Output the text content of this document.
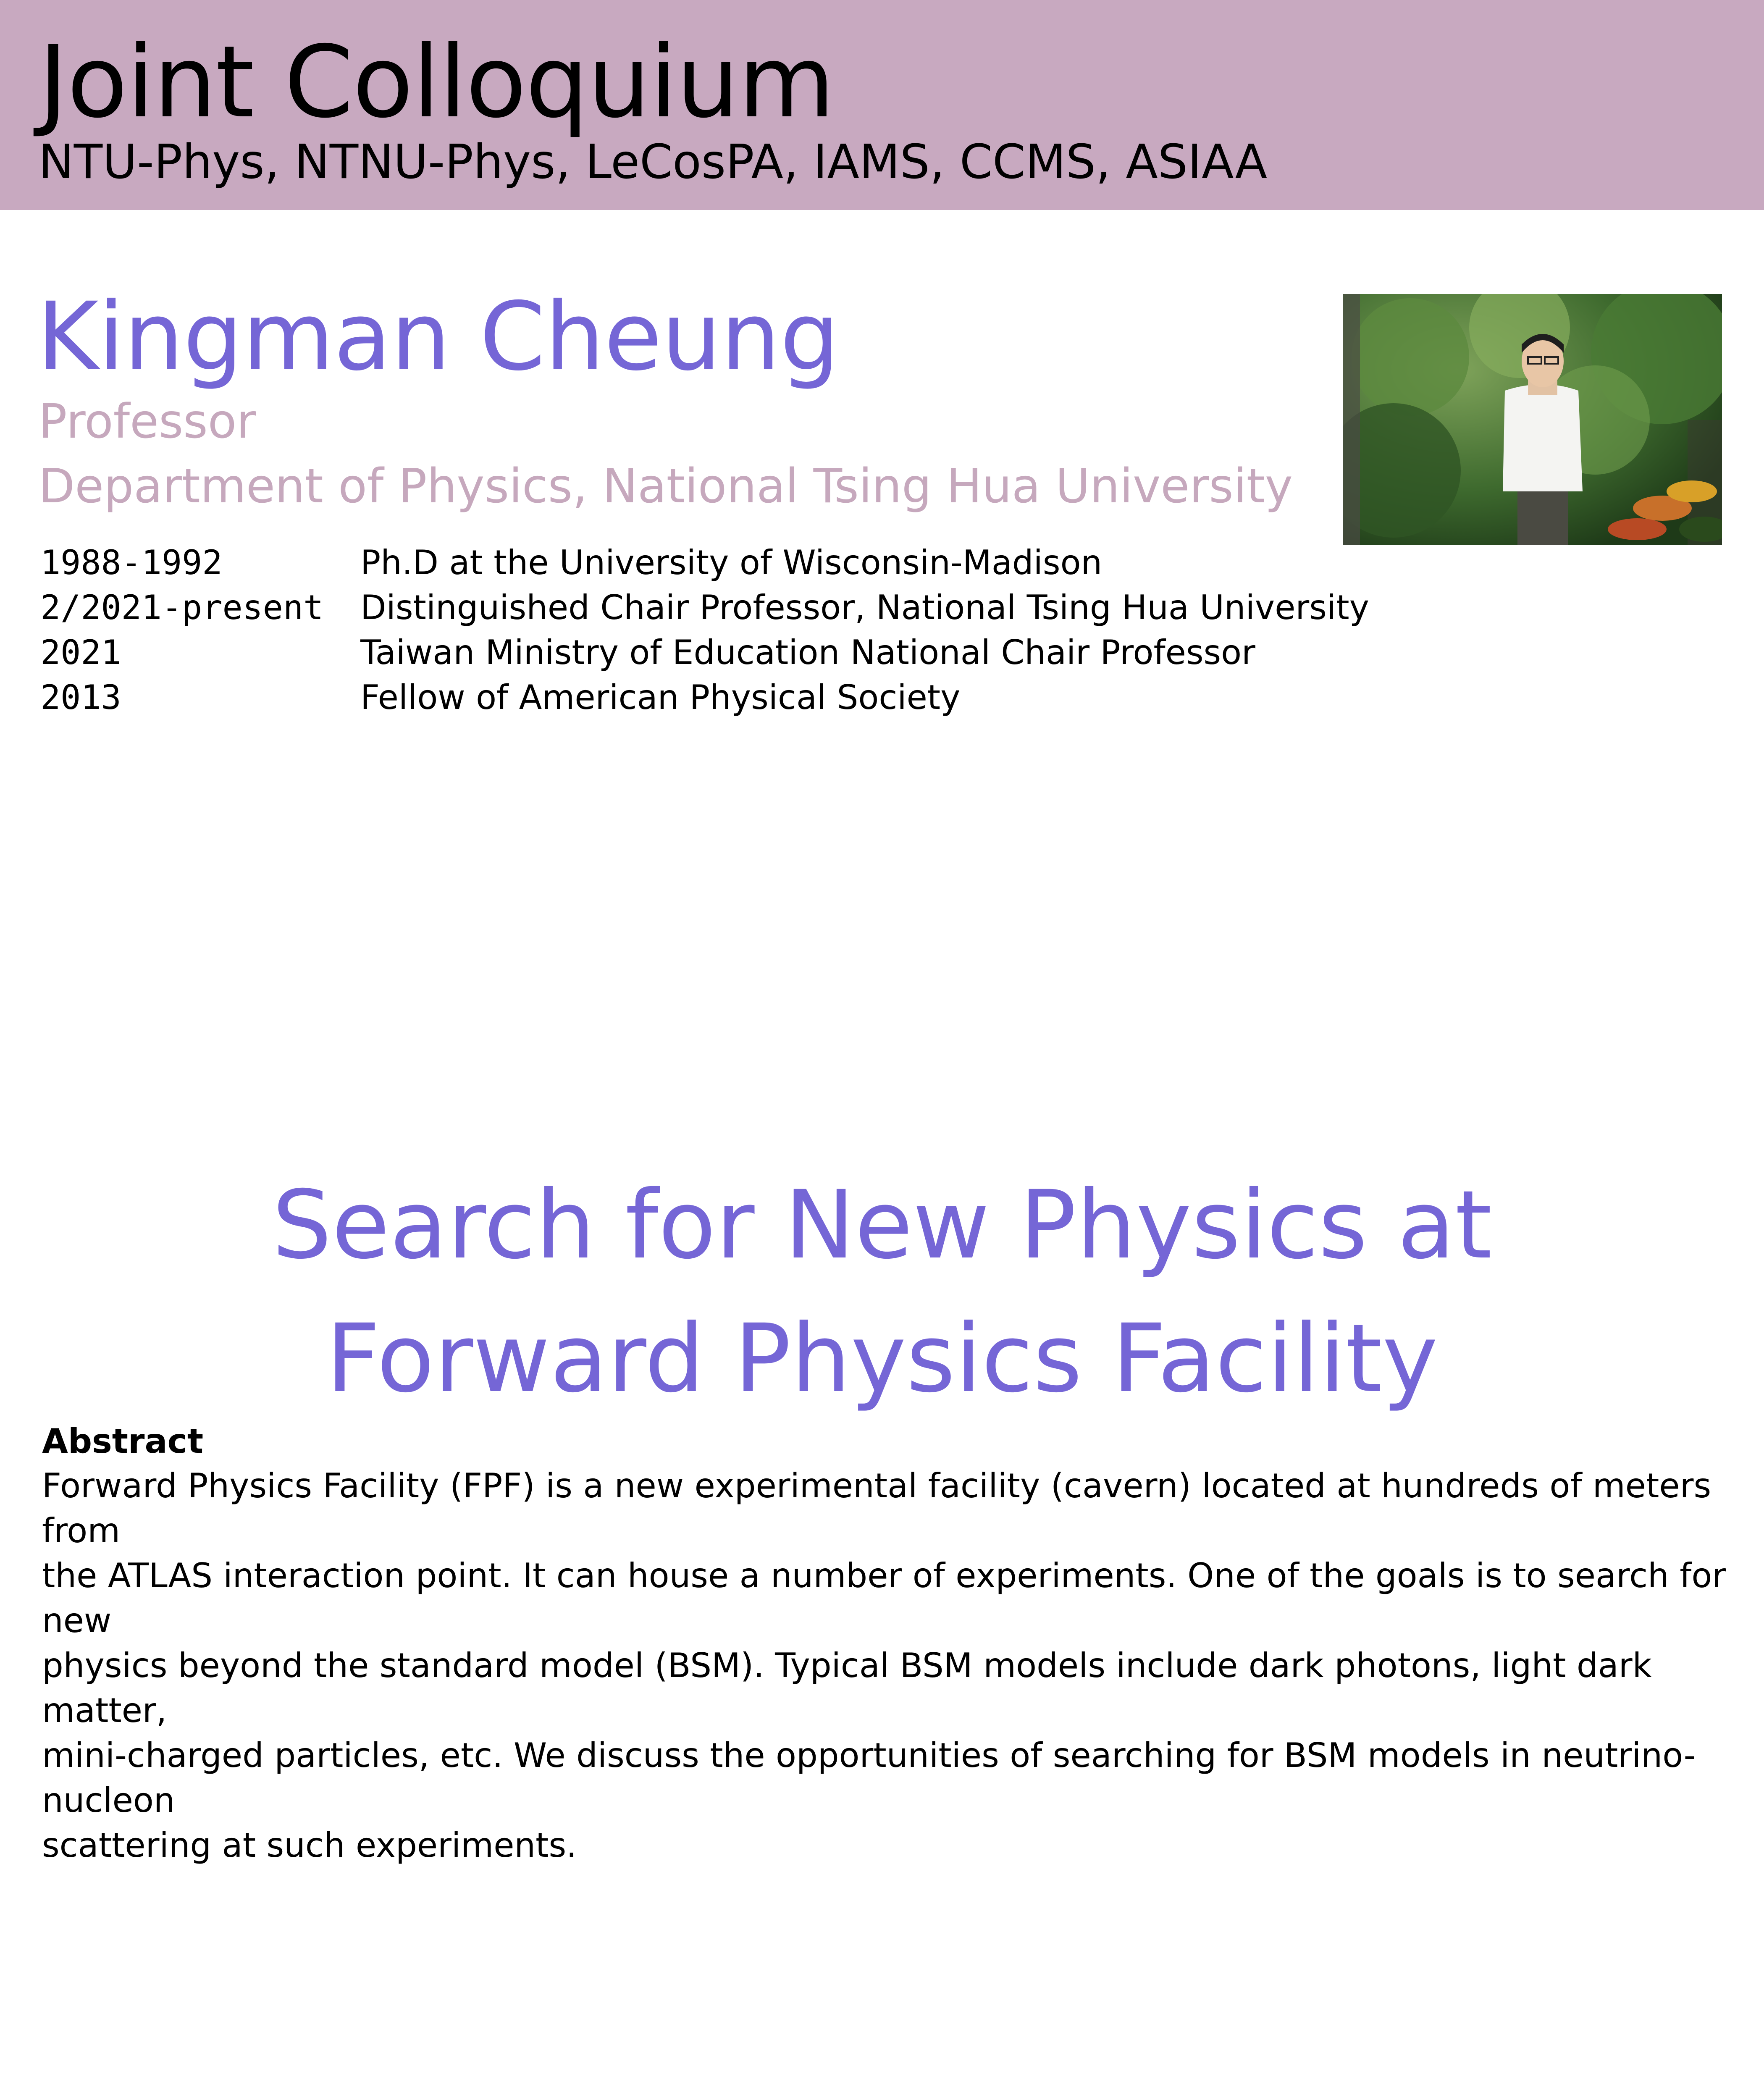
Joint Colloquium
NTU-Phys, NTNU-Phys, LeCosPA, IAMS, CCMS, ASIAA
Kingman Cheung
Professor
Department of Physics, National Tsing Hua University
1988-1992	Ph.D at the University of Wisconsin-Madison
2/2021-present Distinguished Chair Professor, National Tsing Hua University
2021	Taiwan Ministry of Education National Chair Professor
2013	Fellow of American Physical Society
Search for New Physics at
Forward Physics Facility
Abstract
Forward Physics Facility (FPF) is a new experimental facility (cavern) located at hundreds of meters from
the ATLAS interaction point. It can house a number of experiments. One of the goals is to search for new
physics beyond the standard model (BSM). Typical BSM models include dark photons, light dark matter,
mini-charged particles, etc. We discuss the opportunities of searching for BSM models in neutrino-nucleon
scattering at such experiments.
